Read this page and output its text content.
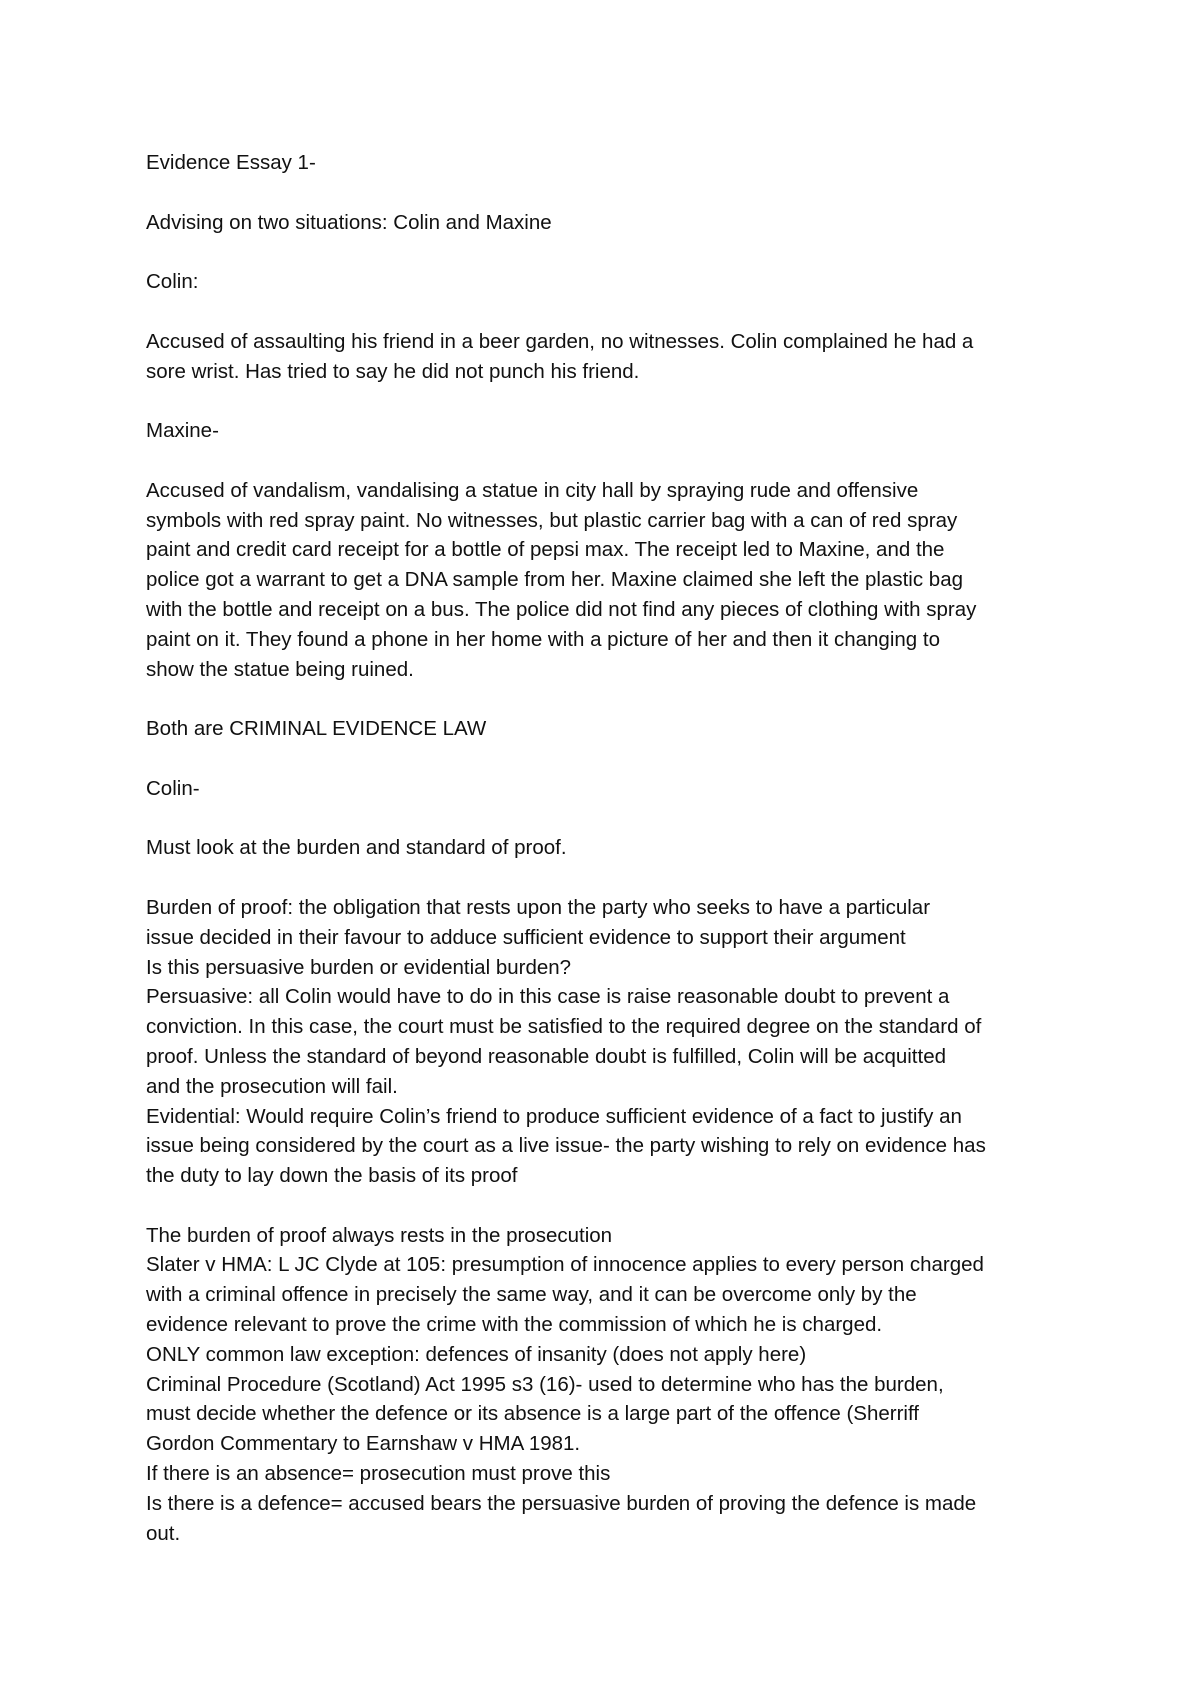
Evidence Essay 1-
Advising on two situations: Colin and Maxine
Colin:
Accused of assaulting his friend in a beer garden, no witnesses. Colin complained he had a
sore wrist. Has tried to say he did not punch his friend.
Maxine-
Accused of vandalism, vandalising a statue in city hall by spraying rude and offensive
symbols with red spray paint. No witnesses, but plastic carrier bag with a can of red spray
paint and credit card receipt for a bottle of pepsi max. The receipt led to Maxine, and the
police got a warrant to get a DNA sample from her. Maxine claimed she left the plastic bag
with the bottle and receipt on a bus. The police did not find any pieces of clothing with spray
paint on it. They found a phone in her home with a picture of her and then it changing to
show the statue being ruined.
Both are CRIMINAL EVIDENCE LAW
Colin-
Must look at the burden and standard of proof.
Burden of proof: the obligation that rests upon the party who seeks to have a particular
issue decided in their favour to adduce sufficient evidence to support their argument
Is this persuasive burden or evidential burden?
Persuasive: all Colin would have to do in this case is raise reasonable doubt to prevent a
conviction. In this case, the court must be satisfied to the required degree on the standard of
proof. Unless the standard of beyond reasonable doubt is fulfilled, Colin will be acquitted
and the prosecution will fail.
Evidential: Would require Colin’s friend to produce sufficient evidence of a fact to justify an
issue being considered by the court as a live issue- the party wishing to rely on evidence has
the duty to lay down the basis of its proof
The burden of proof always rests in the prosecution
Slater v HMA: L JC Clyde at 105: presumption of innocence applies to every person charged
with a criminal offence in precisely the same way, and it can be overcome only by the
evidence relevant to prove the crime with the commission of which he is charged.
ONLY common law exception: defences of insanity (does not apply here)
Criminal Procedure (Scotland) Act 1995 s3 (16)- used to determine who has the burden,
must decide whether the defence or its absence is a large part of the offence (Sherriff
Gordon Commentary to Earnshaw v HMA 1981.
If there is an absence= prosecution must prove this
Is there is a defence= accused bears the persuasive burden of proving the defence is made
out.
